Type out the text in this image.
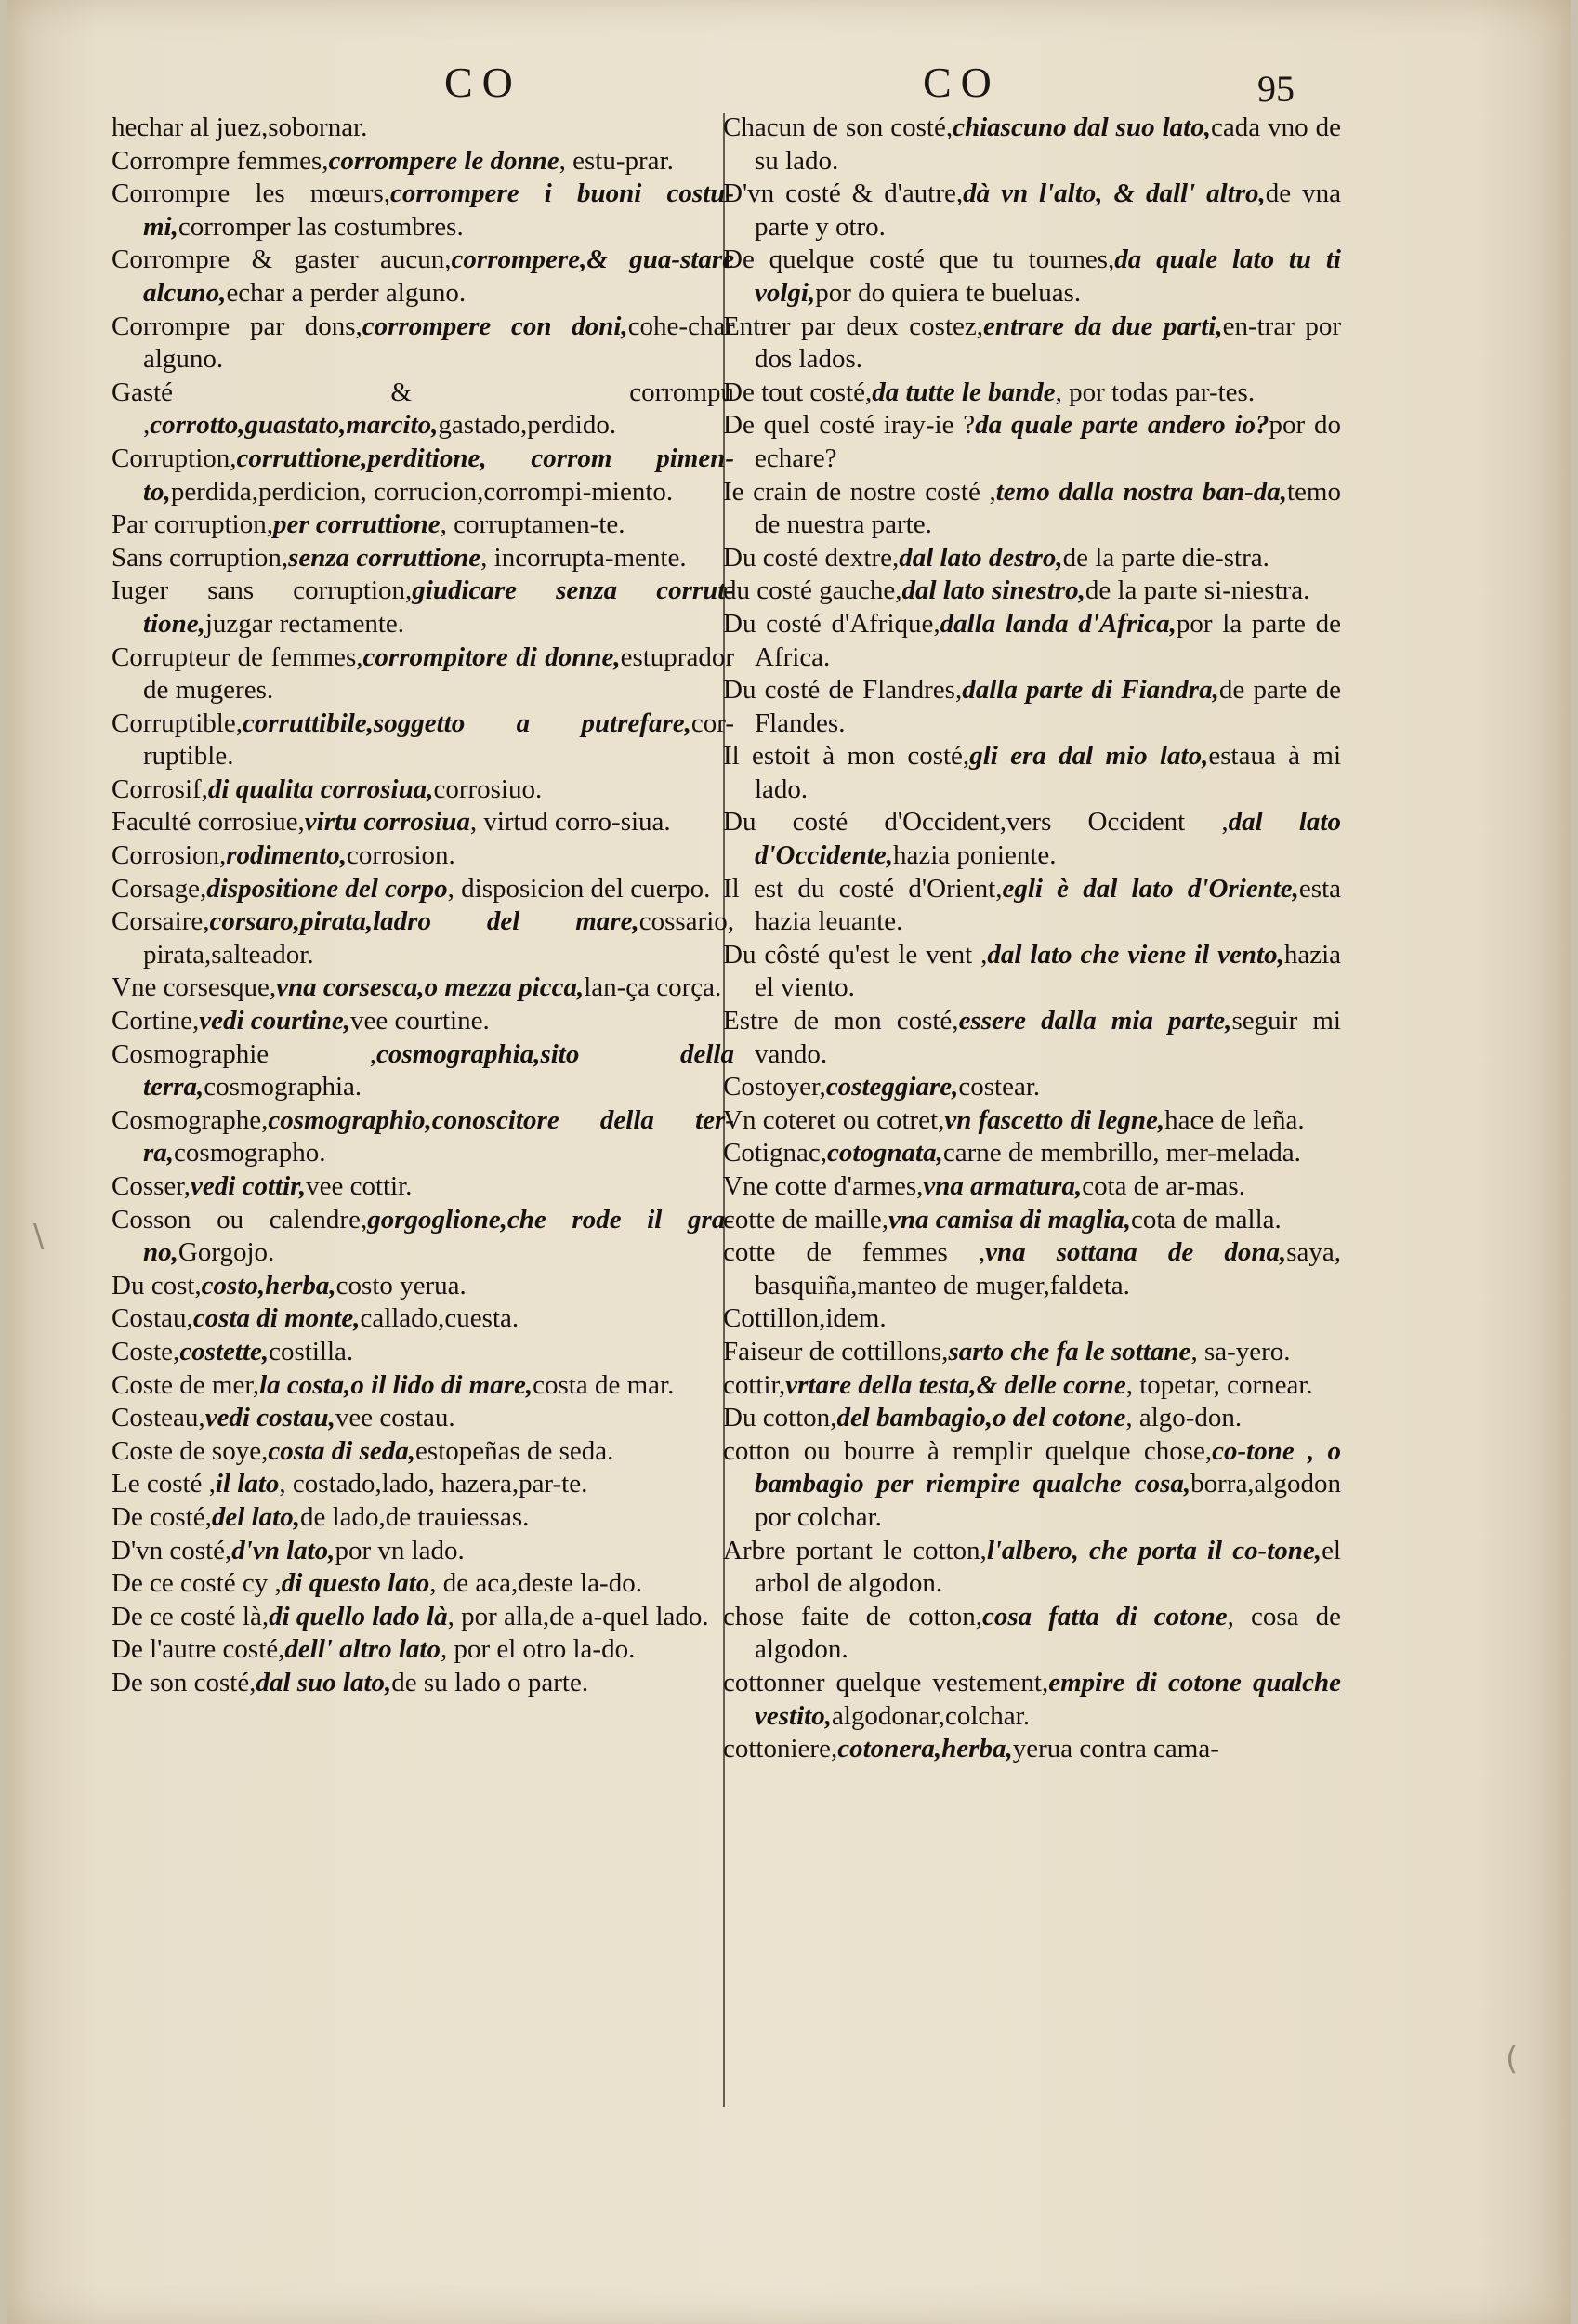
CO	CO	95
\
(
hechar al juez,sobornar.
Corrompre femmes,corrompere le donne, estu-prar.
Corrompre les mœurs,corrompere i buoni costu-mi,corromper las costumbres.
Corrompre & gaster aucun,corrompere,& gua-stare alcuno,echar a perder alguno.
Corrompre par dons,corrompere con doni,cohe-char alguno.
Gasté & corrompu ,corrotto,guastato,marcito,gastado,perdido.
Corruption,corruttione,perditione, corrom pimen-to,perdida,perdicion, corrucion,corrompi-miento.
Par corruption,per corruttione, corruptamen-te.
Sans corruption,senza corruttione, incorrupta-mente.
Iuger sans corruption,giudicare senza corrut-tione,juzgar rectamente.
Corrupteur de femmes,corrompitore di donne,estuprador de mugeres.
Corruptible,corruttibile,soggetto a putrefare,cor-ruptible.
Corrosif,di qualita corrosiua,corrosiuo.
Faculté corrosiue,virtu corrosiua, virtud corro-siua.
Corrosion,rodimento,corrosion.
Corsage,dispositione del corpo, disposicion del cuerpo.
Corsaire,corsaro,pirata,ladro del mare,cossario, pirata,salteador.
Vne corsesque,vna corsesca,o mezza picca,lan-ça corça.
Cortine,vedi courtine,vee courtine.
Cosmographie ,cosmographia,sito della terra,cosmographia.
Cosmographe,cosmographio,conoscitore della ter-ra,cosmographo.
Cosser,vedi cottir,vee cottir.
Cosson ou calendre,gorgoglione,che rode il gra-no,Gorgojo.
Du cost,costo,herba,costo yerua.
Costau,costa di monte,callado,cuesta.
Coste,costette,costilla.
Coste de mer,la costa,o il lido di mare,costa de mar.
Costeau,vedi costau,vee costau.
Coste de soye,costa di seda,estopeñas de seda.
Le costé ,il lato, costado,lado, hazera,par-te.
De costé,del lato,de lado,de trauiessas.
D'vn costé,d'vn lato,por vn lado.
De ce costé cy ,di questo lato, de aca,deste la-do.
De ce costé là,di quello lado là, por alla,de a-quel lado.
De l'autre costé,dell' altro lato, por el otro la-do.
De son costé,dal suo lato,de su lado o parte.
Chacun de son costé,chiascuno dal suo lato,cada vno de su lado.
D'vn costé & d'autre,dà vn l'alto, & dall' altro,de vna parte y otro.
De quelque costé que tu tournes,da quale lato tu ti volgi,por do quiera te bueluas.
Entrer par deux costez,entrare da due parti,en-trar por dos lados.
De tout costé,da tutte le bande, por todas par-tes.
De quel costé iray-ie ?da quale parte andero io?por do echare?
Ie crain de nostre costé ,temo dalla nostra ban-da,temo de nuestra parte.
Du costé dextre,dal lato destro,de la parte die-stra.
du costé gauche,dal lato sinestro,de la parte si-niestra.
Du costé d'Afrique,dalla landa d'Africa,por la parte de Africa.
Du costé de Flandres,dalla parte di Fiandra,de parte de Flandes.
Il estoit à mon costé,gli era dal mio lato,estaua à mi lado.
Du costé d'Occident,vers Occident ,dal lato d'Occidente,hazia poniente.
Il est du costé d'Orient,egli è dal lato d'Oriente,esta hazia leuante.
Du côsté qu'est le vent ,dal lato che viene il vento,hazia el viento.
Estre de mon costé,essere dalla mia parte,seguir mi vando.
Costoyer,costeggiare,costear.
Vn coteret ou cotret,vn fascetto di legne,hace de leña.
Cotignac,cotognata,carne de membrillo, mer-melada.
Vne cotte d'armes,vna armatura,cota de ar-mas.
cotte de maille,vna camisa di maglia,cota de malla.
cotte de femmes ,vna sottana de dona,saya, basquiña,manteo de muger,faldeta.
Cottillon,idem.
Faiseur de cottillons,sarto che fa le sottane, sa-yero.
cottir,vrtare della testa,& delle corne, topetar, cornear.
Du cotton,del bambagio,o del cotone, algo-don.
cotton ou bourre à remplir quelque chose,co-tone , o bambagio per riempire qualche cosa,borra,algodon por colchar.
Arbre portant le cotton,l'albero, che porta il co-tone,el arbol de algodon.
chose faite de cotton,cosa fatta di cotone, cosa de algodon.
cottonner quelque vestement,empire di cotone qualche vestito,algodonar,colchar.
cottoniere,cotonera,herba,yerua contra cama-
